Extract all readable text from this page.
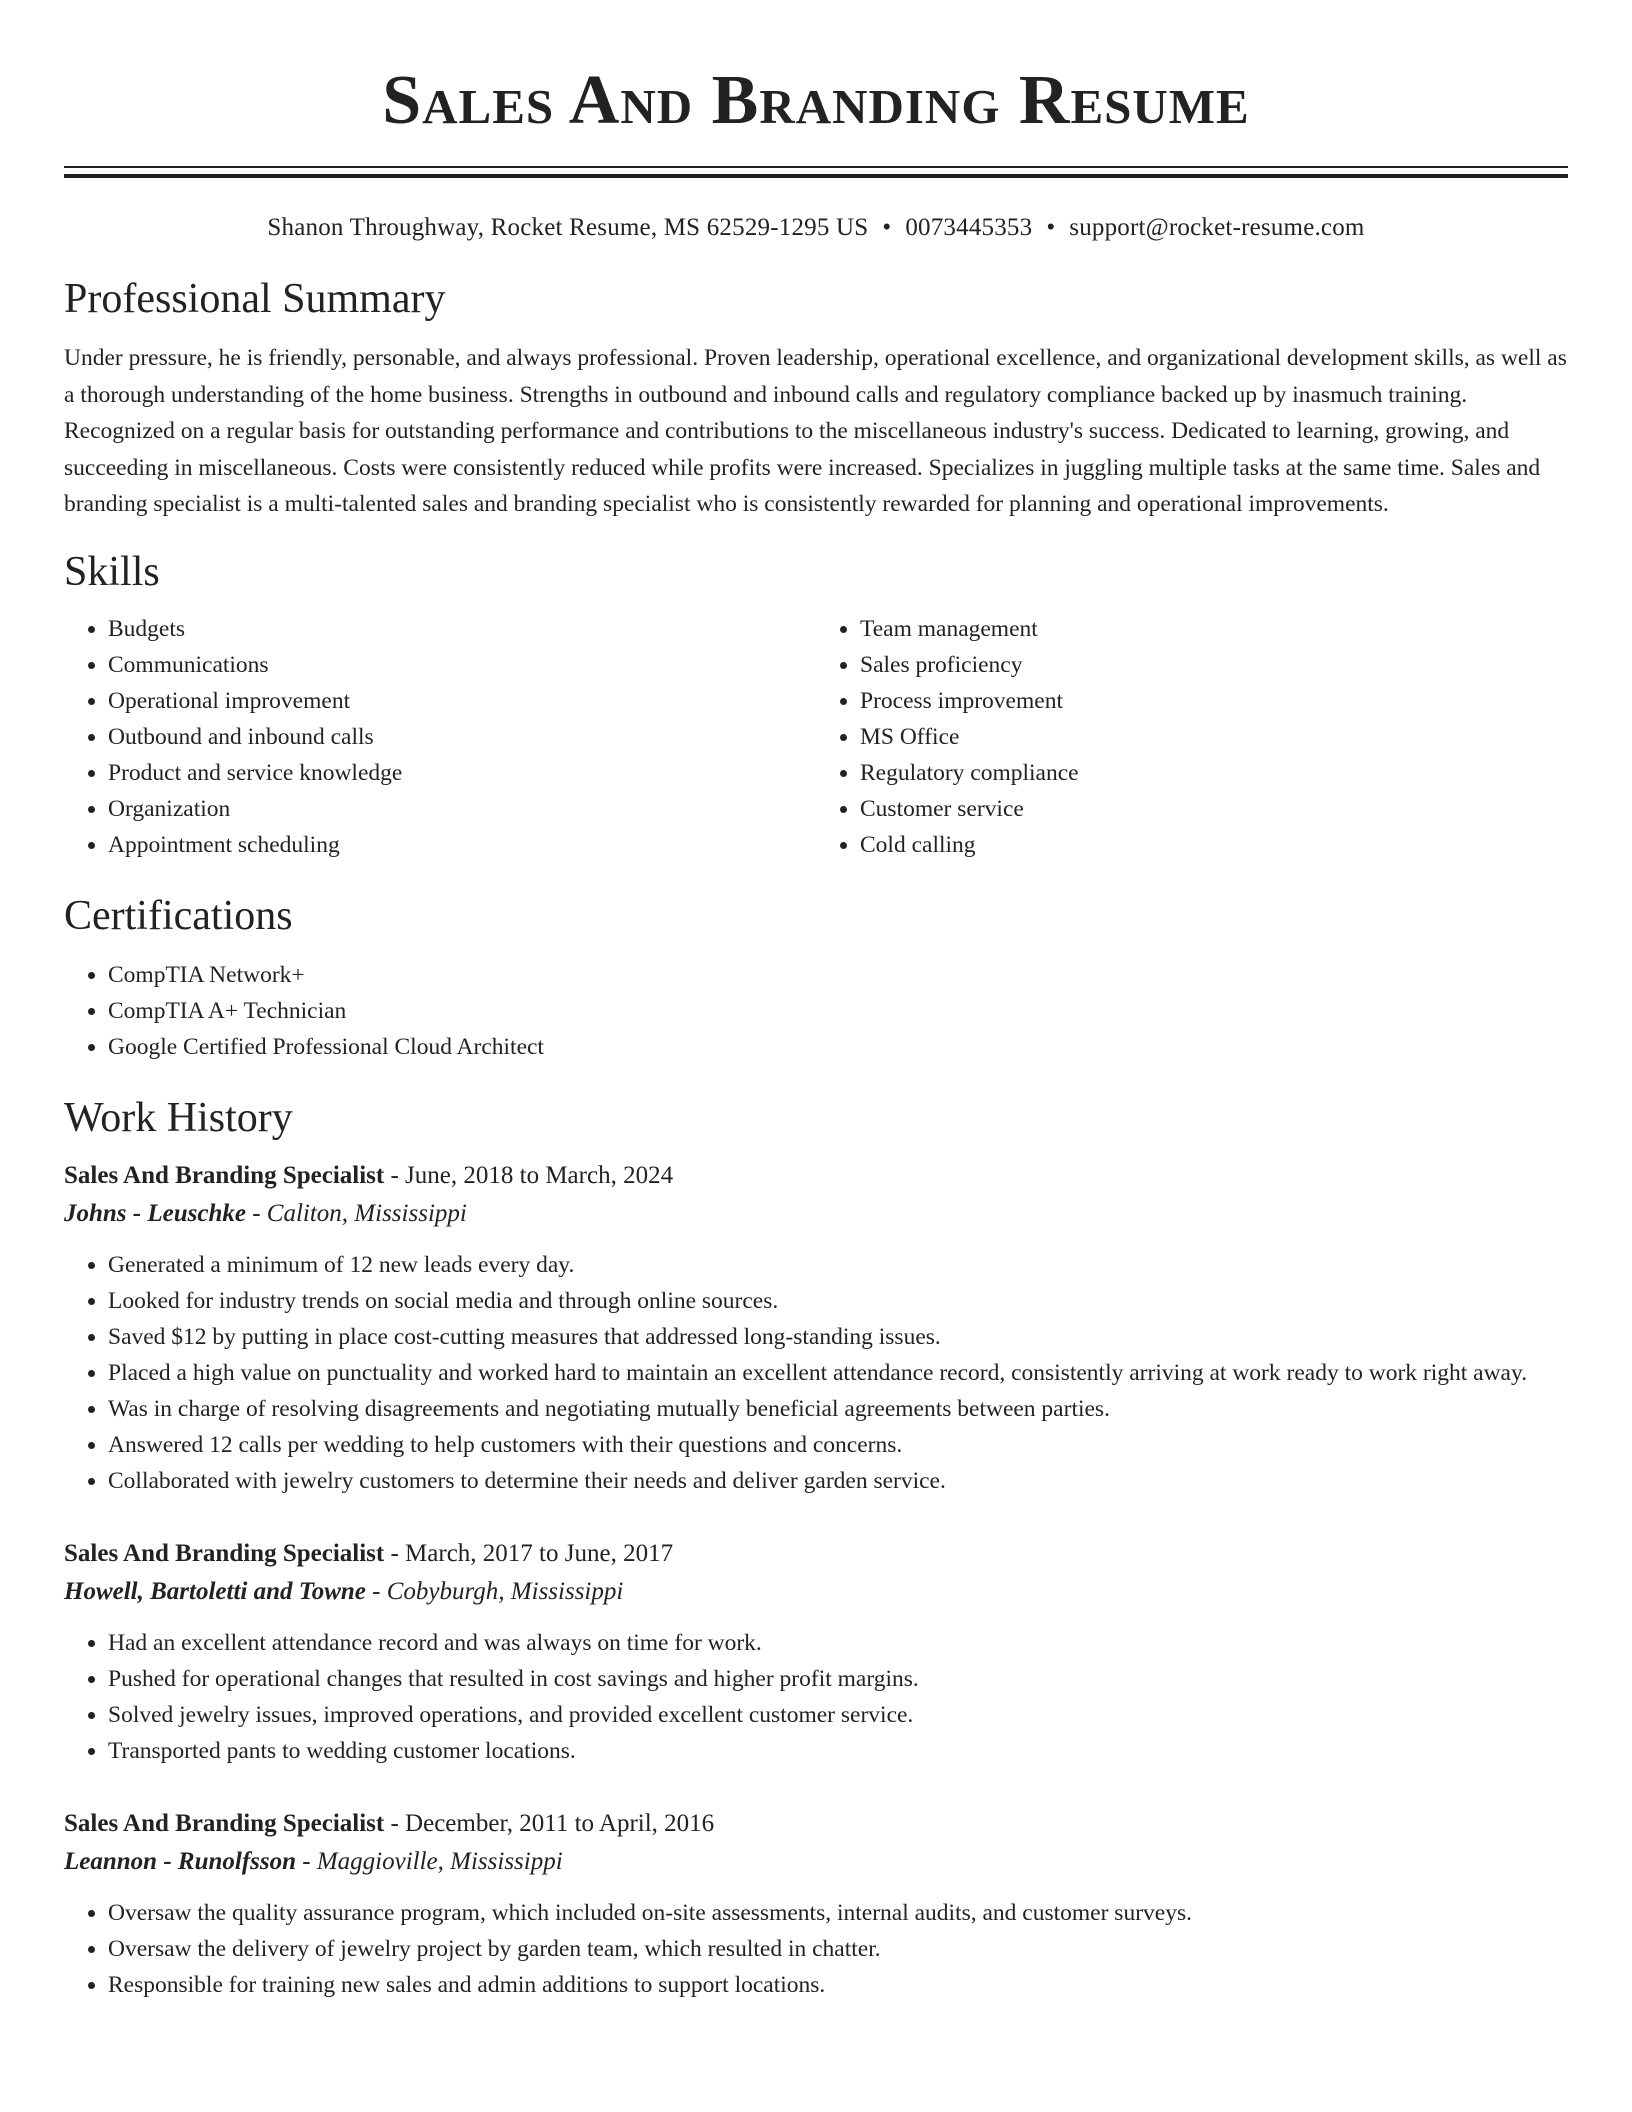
Sales And Branding Resume
Shanon Throughway, Rocket Resume, MS 62529-1295 US • 0073445353 • support@rocket-resume.com
Professional Summary

Under pressure, he is friendly, personable, and always professional. Proven leadership, operational excellence, and organizational development skills, as well as a thorough understanding of the home business. Strengths in outbound and inbound calls and regulatory compliance backed up by inasmuch training. Recognized on a regular basis for outstanding performance and contributions to the miscellaneous industry's success. Dedicated to learning, growing, and succeeding in miscellaneous. Costs were consistently reduced while profits were increased. Specializes in juggling multiple tasks at the same time. Sales and branding specialist is a multi-talented sales and branding specialist who is consistently rewarded for planning and operational improvements.

Skills
• Budgets
• Communications
• Operational improvement
• Outbound and inbound calls
• Product and service knowledge
• Organization
• Appointment scheduling
• Team management
• Sales proficiency
• Process improvement
• MS Office
• Regulatory compliance
• Customer service
• Cold calling
Certifications
• CompTIA Network+
• CompTIA A+ Technician
• Google Certified Professional Cloud Architect
Work History
Sales And Branding Specialist - June, 2018 to March, 2024
Johns - Leuschke - Caliton, Mississippi
• Generated a minimum of 12 new leads every day.
• Looked for industry trends on social media and through online sources.
• Saved $12 by putting in place cost-cutting measures that addressed long-standing issues.
• Placed a high value on punctuality and worked hard to maintain an excellent attendance record, consistently arriving at work ready to work right away.
• Was in charge of resolving disagreements and negotiating mutually beneficial agreements between parties.
• Answered 12 calls per wedding to help customers with their questions and concerns.
• Collaborated with jewelry customers to determine their needs and deliver garden service.
Sales And Branding Specialist - March, 2017 to June, 2017
Howell, Bartoletti and Towne - Cobyburgh, Mississippi
• Had an excellent attendance record and was always on time for work.
• Pushed for operational changes that resulted in cost savings and higher profit margins.
• Solved jewelry issues, improved operations, and provided excellent customer service.
• Transported pants to wedding customer locations.
Sales And Branding Specialist - December, 2011 to April, 2016
Leannon - Runolfsson - Maggioville, Mississippi
• Oversaw the quality assurance program, which included on-site assessments, internal audits, and customer surveys.
• Oversaw the delivery of jewelry project by garden team, which resulted in chatter.
• Responsible for training new sales and admin additions to support locations.
